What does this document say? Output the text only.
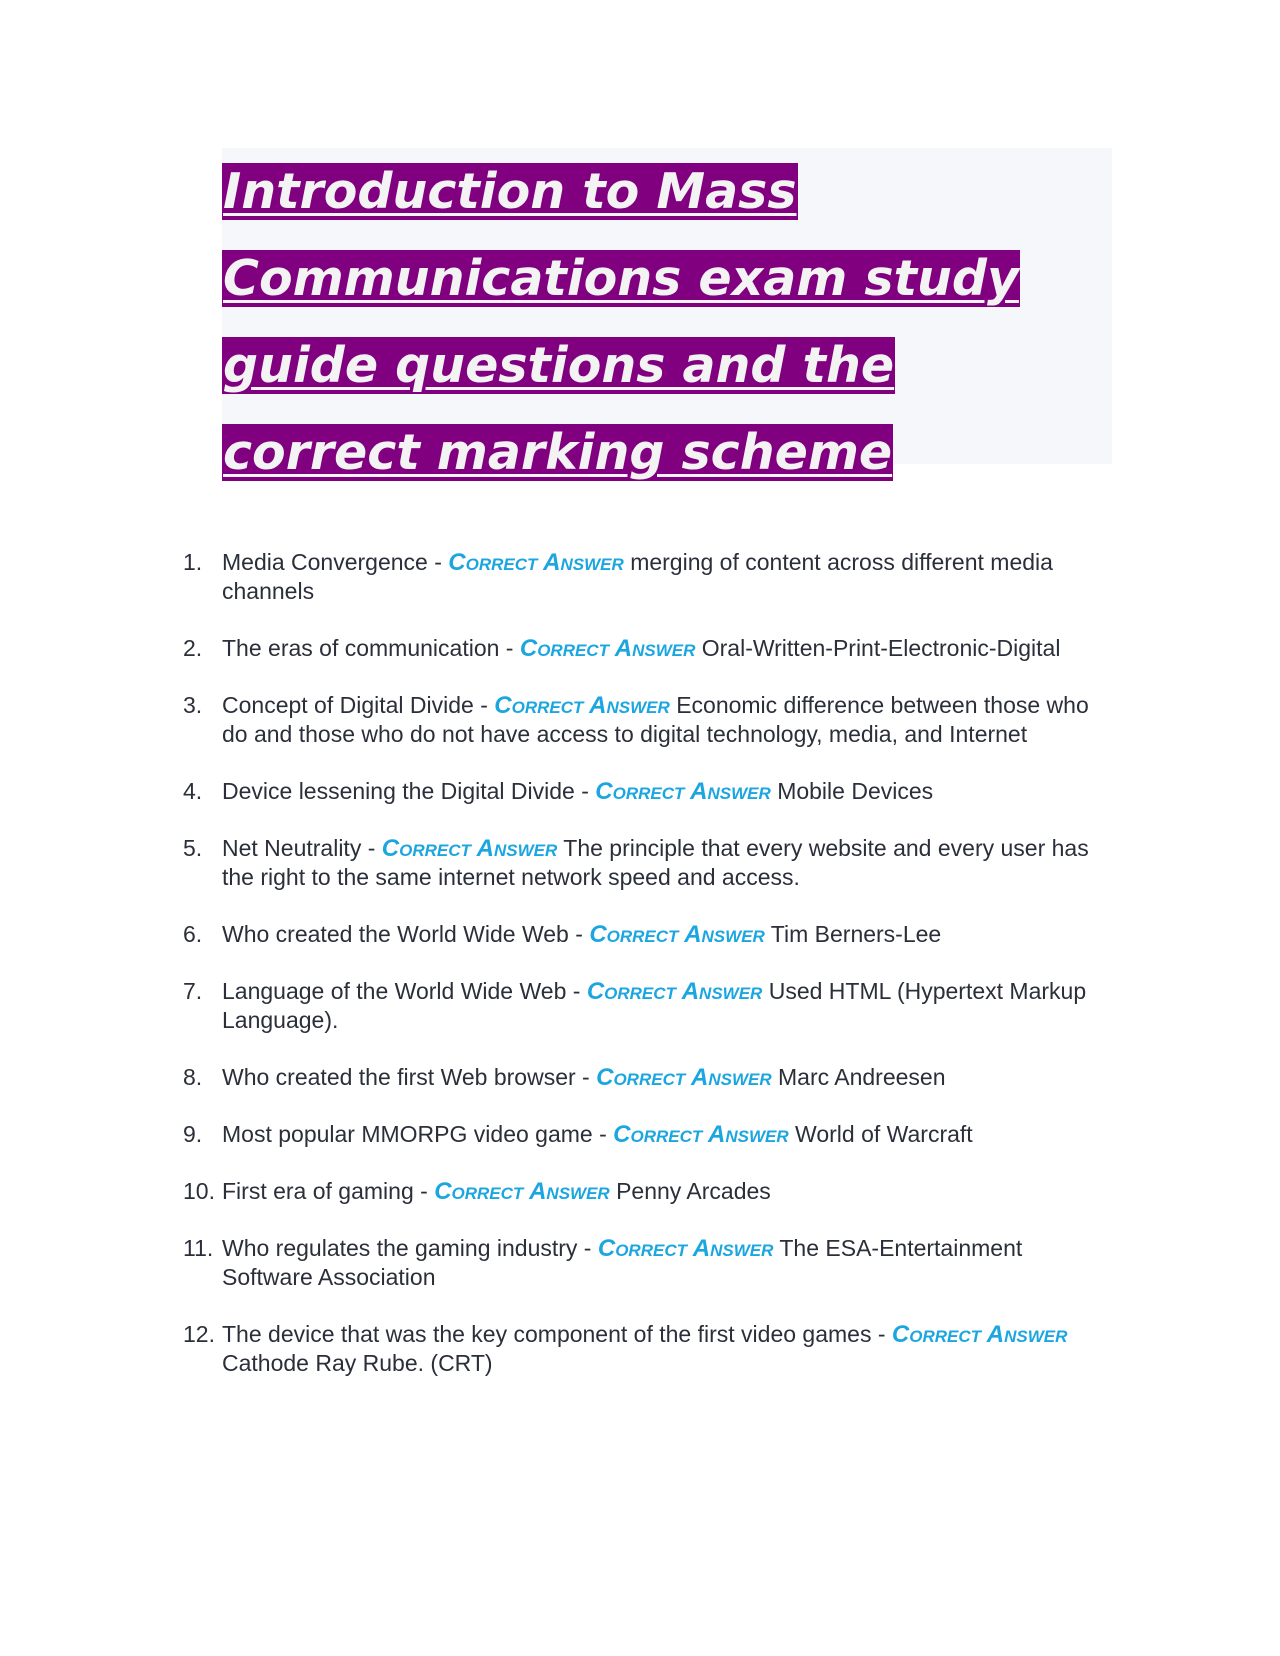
Introduction to Mass
Communications exam study
guide questions and the
correct marking scheme
1. Media Convergence - Correct Answer merging of content across different media channels
2. The eras of communication - Correct Answer Oral-Written-Print-Electronic-Digital
3. Concept of Digital Divide - Correct Answer Economic difference between those who do and those who do not have access to digital technology, media, and Internet
4. Device lessening the Digital Divide - Correct Answer Mobile Devices
5. Net Neutrality - Correct Answer The principle that every website and every user has the right to the same internet network speed and access.
6. Who created the World Wide Web - Correct Answer Tim Berners-Lee
7. Language of the World Wide Web - Correct Answer Used HTML (Hypertext Markup Language).
8. Who created the first Web browser - Correct Answer Marc Andreesen
9. Most popular MMORPG video game - Correct Answer World of Warcraft
10. First era of gaming - Correct Answer Penny Arcades
11. Who regulates the gaming industry - Correct Answer The ESA-Entertainment Software Association
12. The device that was the key component of the first video games - Correct Answer Cathode Ray Rube. (CRT)
